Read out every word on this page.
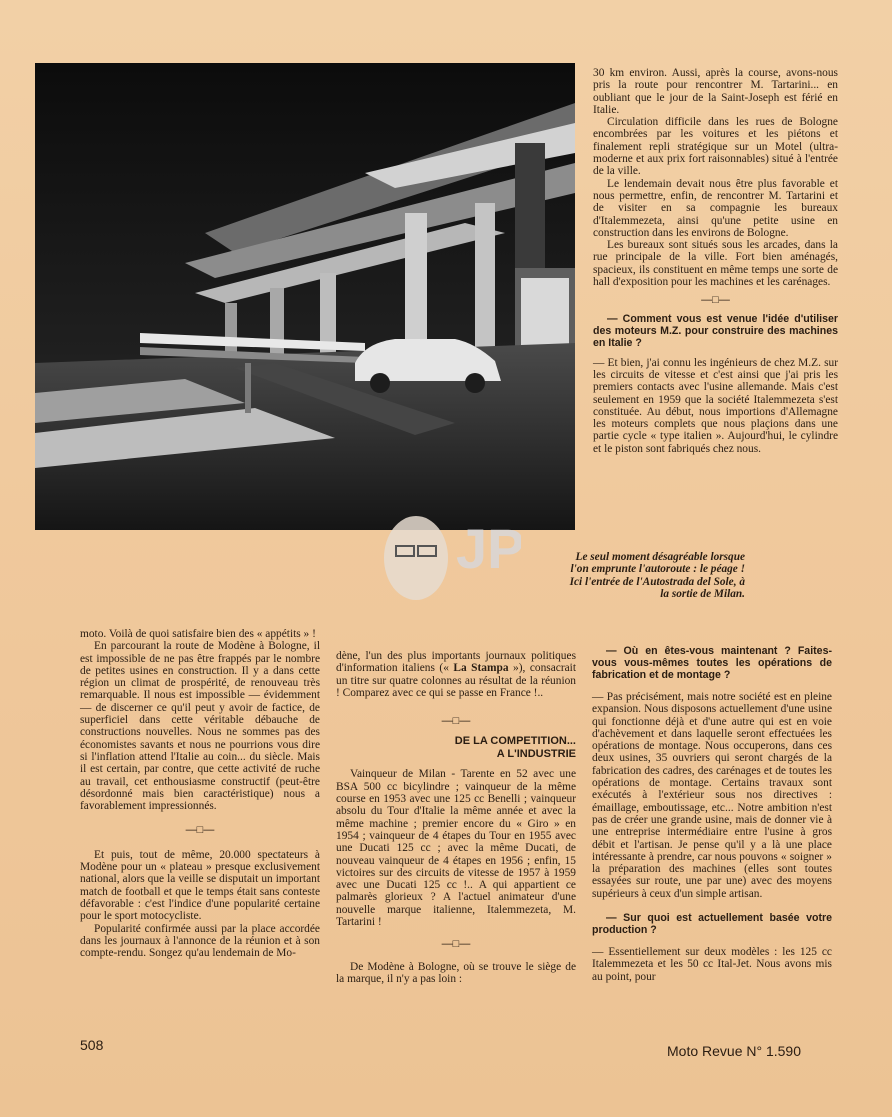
30 km environ. Aussi, après la course, avons-nous pris la route pour rencontrer M. Tartarini... en oubliant que le jour de la Saint-Joseph est férié en Italie.

Circulation difficile dans les rues de Bologne encombrées par les voitures et les piétons et finalement repli stratégique sur un Motel (ultra-moderne et aux prix fort raisonnables) situé à l'entrée de la ville.

Le lendemain devait nous être plus favorable et nous permettre, enfin, de rencontrer M. Tartarini et de visiter en sa compagnie les bureaux d'Italemmezeta, ainsi qu'une petite usine en construction dans les environs de Bologne.

Les bureaux sont situés sous les arcades, dans la rue principale de la ville. Fort bien aménagés, spacieux, ils constituent en même temps une sorte de hall d'exposition pour les machines et les carénages.

—□—

— Comment vous est venue l'idée d'utiliser des moteurs M.Z. pour construire des machines en Italie ?

— Et bien, j'ai connu les ingénieurs de chez M.Z. sur les circuits de vitesse et c'est ainsi que j'ai pris les premiers contacts avec l'usine allemande. Mais c'est seulement en 1959 que la société Italemmezeta s'est constituée. Au début, nous importions d'Allemagne les moteurs complets que nous plaçions dans une partie cycle « type italien ». Aujourd'hui, le cylindre et le piston sont fabriqués chez nous.

JP	Le seul moment désagréable lorsque
l'on emprunte l'autoroute : le péage !
Ici l'entrée de l'Autostrada del Sole, à
la sortie de Milan.

moto. Voilà de quoi satisfaire bien des « appétits » !

En parcourant la route de Modène à Bologne, il est impossible de ne pas être frappés par le nombre de petites usines en construction. Il y a dans cette région un climat de prospérité, de renouveau très remarquable. Il nous est impossible — évidemment — de discerner ce qu'il peut y avoir de factice, de superficiel dans cette véritable débauche de constructions nouvelles. Nous ne sommes pas des économistes savants et nous ne pourrions vous dire si l'inflation attend l'Italie au coin... du siècle. Mais il est certain, par contre, que cette activité de ruche au travail, cet enthousiasme constructif (peut-être désordonné mais bien caractéristique) nous a favorablement impressionnés.

—□—

Et puis, tout de même, 20.000 spectateurs à Modène pour un « plateau » presque exclusivement national, alors que la veille se disputait un important match de football et que le temps était sans conteste défavorable : c'est l'indice d'une popularité certaine pour le sport motocycliste.

Popularité confirmée aussi par la place accordée dans les journaux à l'annonce de la réunion et à son compte-rendu. Songez qu'au lendemain de Mo-

dène, l'un des plus importants journaux politiques d'information italiens (« La Stampa »), consacrait un titre sur quatre colonnes au résultat de la réunion ! Comparez avec ce qui se passe en France !..

—□—
DE LA COMPETITION...
A L'INDUSTRIE

Vainqueur de Milan - Tarente en 52 avec une BSA 500 cc bicylindre ; vainqueur de la même course en 1953 avec une 125 cc Benelli ; vainqueur absolu du Tour d'Italie la même année et avec la même machine ; premier encore du « Giro » en 1954 ; vainqueur de 4 étapes du Tour en 1955 avec une Ducati 125 cc ; avec la même Ducati, de nouveau vainqueur de 4 étapes en 1956 ; enfin, 15 victoires sur des circuits de vitesse de 1957 à 1959 avec une Ducati 125 cc !.. A qui appartient ce palmarès glorieux ? A l'actuel animateur d'une nouvelle marque italienne, Italemmezeta, M. Tartarini !

—□—

De Modène à Bologne, où se trouve le siège de la marque, il n'y a pas loin :

— Où en êtes-vous maintenant ? Faites-vous vous-mêmes toutes les opérations de fabrication et de montage ?

— Pas précisément, mais notre société est en pleine expansion. Nous disposons actuellement d'une usine qui fonctionne déjà et d'une autre qui est en voie d'achèvement et dans laquelle seront effectuées les opérations de montage. Nous occuperons, dans ces deux usines, 35 ouvriers qui seront chargés de la fabrication des cadres, des carénages et de toutes les opérations de montage. Certains travaux sont exécutés à l'extérieur sous nos directives : émaillage, emboutissage, etc... Notre ambition n'est pas de créer une grande usine, mais de donner vie à une entreprise intermédiaire entre l'usine à gros débit et l'artisan. Je pense qu'il y a là une place intéressante à prendre, car nous pouvons « soigner » la préparation des machines (elles sont toutes essayées sur route, une par une) avec des moyens supérieurs à ceux d'un simple artisan.

— Sur quoi est actuellement basée votre production ?

— Essentiellement sur deux modèles : les 125 cc Italemmezeta et les 50 cc Ital-Jet. Nous avons mis au point, pour

508	Moto Revue N° 1.590
